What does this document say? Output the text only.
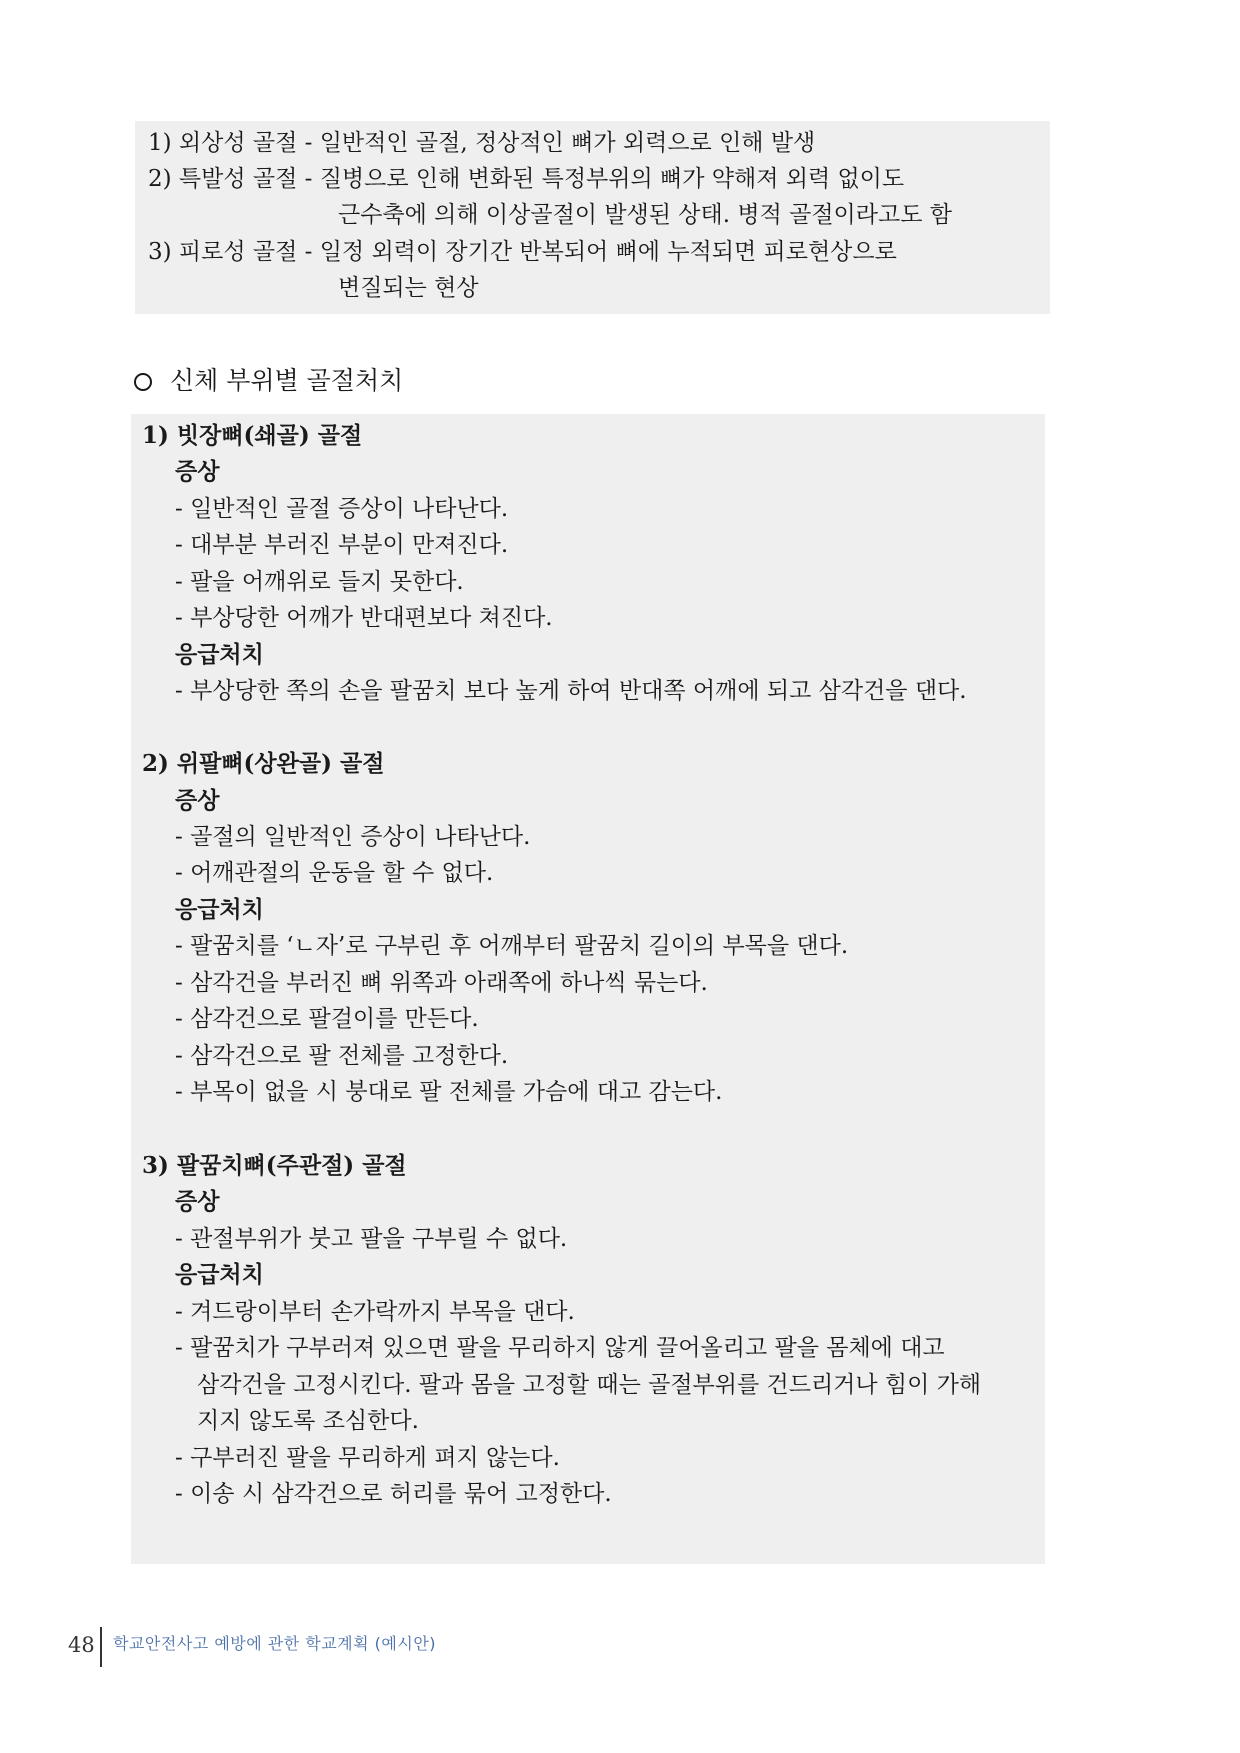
1) 외상성 골절 - 일반적인 골절, 정상적인 뼈가 외력으로 인해 발생
2) 특발성 골절 - 질병으로 인해 변화된 특정부위의 뼈가 약해져 외력 없이도
근수축에 의해 이상골절이 발생된 상태. 병적 골절이라고도 함
3) 피로성 골절 - 일정 외력이 장기간 반복되어 뼈에 누적되면 피로현상으로
변질되는 현상
신체 부위별 골절처치
1) 빗장뼈(쇄골) 골절
증상
- 일반적인 골절 증상이 나타난다.
- 대부분 부러진 부분이 만져진다.
- 팔을 어깨위로 들지 못한다.
- 부상당한 어깨가 반대편보다 쳐진다.
응급처치
- 부상당한 쪽의 손을 팔꿈치 보다 높게 하여 반대쪽 어깨에 되고 삼각건을 댄다.
2) 위팔뼈(상완골) 골절
증상
- 골절의 일반적인 증상이 나타난다.
- 어깨관절의 운동을 할 수 없다.
응급처치
- 팔꿈치를 ‘ㄴ자’로 구부린 후 어깨부터 팔꿈치 길이의 부목을 댄다.
- 삼각건을 부러진 뼈 위쪽과 아래쪽에 하나씩 묶는다.
- 삼각건으로 팔걸이를 만든다.
- 삼각건으로 팔 전체를 고정한다.
- 부목이 없을 시 붕대로 팔 전체를 가슴에 대고 감는다.
3) 팔꿈치뼈(주관절) 골절
증상
- 관절부위가 붓고 팔을 구부릴 수 없다.
응급처치
- 겨드랑이부터 손가락까지 부목을 댄다.
- 팔꿈치가 구부러져 있으면 팔을 무리하지 않게 끌어올리고 팔을 몸체에 대고
삼각건을 고정시킨다. 팔과 몸을 고정할 때는 골절부위를 건드리거나 힘이 가해
지지 않도록 조심한다.
- 구부러진 팔을 무리하게 펴지 않는다.
- 이송 시 삼각건으로 허리를 묶어 고정한다.
48 학교안전사고 예방에 관한 학교계획 (예시안)
